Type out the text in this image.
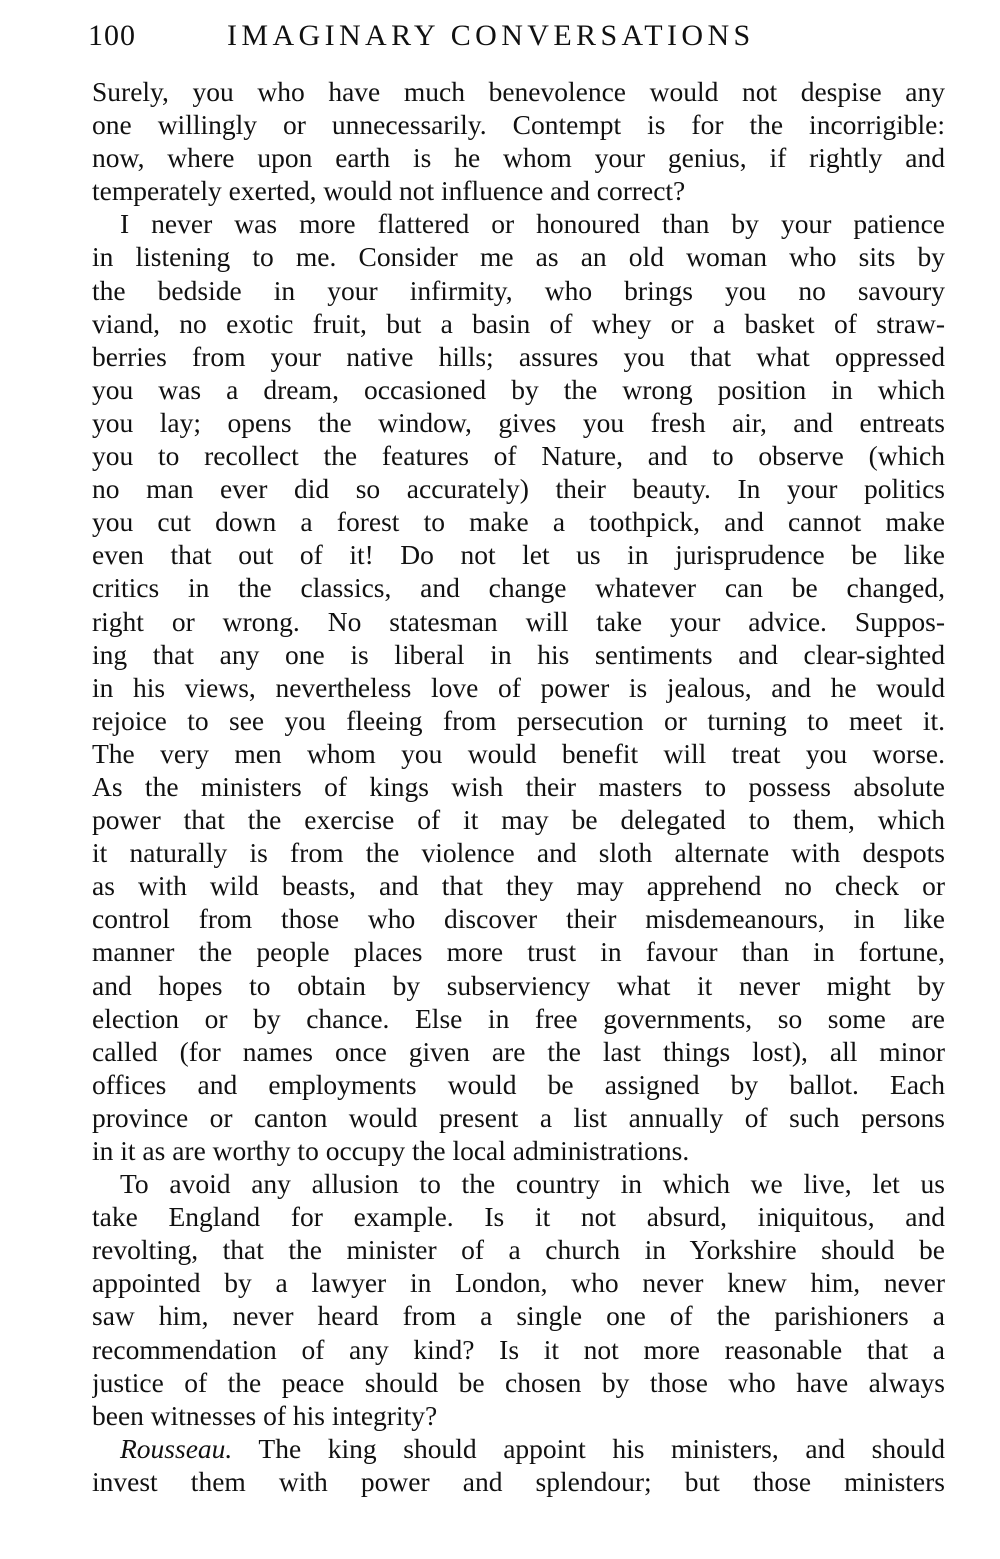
100	IMAGINARY CONVERSATIONS
Surely, you who have much benevolence would not despise any
one willingly or unnecessarily. Contempt is for the incorrigible:
now, where upon earth is he whom your genius, if rightly and
temperately exerted, would not influence and correct?
I never was more flattered or honoured than by your patience
in listening to me. Consider me as an old woman who sits by
the bedside in your infirmity, who brings you no savoury
viand, no exotic fruit, but a basin of whey or a basket of straw-
berries from your native hills; assures you that what oppressed
you was a dream, occasioned by the wrong position in which
you lay; opens the window, gives you fresh air, and entreats
you to recollect the features of Nature, and to observe (which
no man ever did so accurately) their beauty. In your politics
you cut down a forest to make a toothpick, and cannot make
even that out of it! Do not let us in jurisprudence be like
critics in the classics, and change whatever can be changed,
right or wrong. No statesman will take your advice. Suppos-
ing that any one is liberal in his sentiments and clear-sighted
in his views, nevertheless love of power is jealous, and he would
rejoice to see you fleeing from persecution or turning to meet it.
The very men whom you would benefit will treat you worse.
As the ministers of kings wish their masters to possess absolute
power that the exercise of it may be delegated to them, which
it naturally is from the violence and sloth alternate with despots
as with wild beasts, and that they may apprehend no check or
control from those who discover their misdemeanours, in like
manner the people places more trust in favour than in fortune,
and hopes to obtain by subserviency what it never might by
election or by chance. Else in free governments, so some are
called (for names once given are the last things lost), all minor
offices and employments would be assigned by ballot. Each
province or canton would present a list annually of such persons
in it as are worthy to occupy the local administrations.
To avoid any allusion to the country in which we live, let us
take England for example. Is it not absurd, iniquitous, and
revolting, that the minister of a church in Yorkshire should be
appointed by a lawyer in London, who never knew him, never
saw him, never heard from a single one of the parishioners a
recommendation of any kind? Is it not more reasonable that a
justice of the peace should be chosen by those who have always
been witnesses of his integrity?
Rousseau. The king should appoint his ministers, and should
invest them with power and splendour; but those ministers
